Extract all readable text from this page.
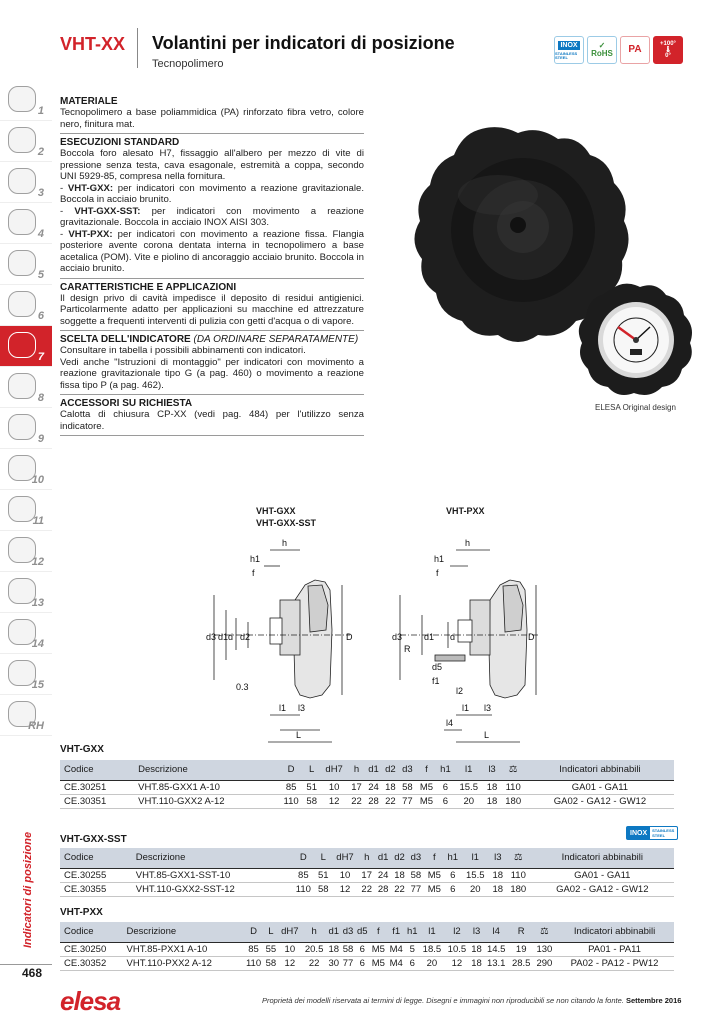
VHT-XX Volantini per indicatori di posizione
Tecnopolimero
INOX
STAINLESS STEEL
✓
RoHS	PA	+100°
🌡
0°
1
2
3
4
5
6
7
8
9
10
11
12
13
14
15
RH
Indicatori di posizione
468
MATERIALE
Tecnopolimero a base poliammidica (PA) rinforzato fibra vetro, colore nero, finitura mat.
ESECUZIONI STANDARD

Boccola foro alesato H7, fissaggio all'albero per mezzo di vite di pressione senza testa, cava esagonale, estremità a coppa, secondo UNI 5929-85, compresa nella fornitura.

- VHT-GXX: per indicatori con movimento a reazione gravitazionale. Boccola in acciaio brunito.

- VHT-GXX-SST: per indicatori con movimento a reazione gravitazionale. Boccola in acciaio INOX AISI 303.

- VHT-PXX: per indicatori con movimento a reazione fissa. Flangia posteriore avente corona dentata interna in tecnopolimero a base acetalica (POM). Vite e piolino di ancoraggio acciaio brunito. Boccola in acciaio brunito.

CARATTERISTICHE E APPLICAZIONI
Il design privo di cavità impedisce il deposito di residui antigienici. Particolarmente adatto per applicazioni su macchine ed attrezzature soggette a frequenti interventi di pulizia con getti d'acqua o di vapore.
SCELTA DELL'INDICATORE (DA ORDINARE SEPARATAMENTE)

Consultare in tabella i possibili abbinamenti con indicatori.

Vedi anche "Istruzioni di montaggio" per indicatori con movimento a reazione gravitazionale tipo G (a pag. 460) o movimento a reazione fissa tipo P (a pag. 462).

ACCESSORI SU RICHIESTA
Calotta di chiusura CP-XX (vedi pag. 484) per l'utilizzo senza indicatore.
ELESA Original design
VHT-GXX
VHT-GXX-SST
VHT-PXX
h
h1
f
0.3
l1 l3
L
D
d3 d1 d d2
h
h1
f
R
d3 d1 d
d5
f1
l2
l1 l3
l4
L
D
VHT-GXX
Codice	Descrizione	D	L	dH7	h	d1	d2	d3	f	h1	l1	l3	⚖	Indicatori abbinabili
CE.30251	VHT.85-GXX1 A-10	85	51	10	17	24	18	58	M5	6	15.5	18	110	GA01 - GA11
CE.30351	VHT.110-GXX2 A-12	110	58	12	22	28	22	77	M5	6	20	18	180	GA02 - GA12 - GW12
VHT-GXX-SST
INOX	STAINLESS STEEL
Codice	Descrizione	D	L	dH7	h	d1	d2	d3	f	h1	l1	l3	⚖	Indicatori abbinabili
CE.30255	VHT.85-GXX1-SST-10	85	51	10	17	24	18	58	M5	6	15.5	18	110	GA01 - GA11
CE.30355	VHT.110-GXX2-SST-12	110	58	12	22	28	22	77	M5	6	20	18	180	GA02 - GA12 - GW12
VHT-PXX
Codice	Descrizione	D	L	dH7	h	d1	d3	d5	f	f1	h1	l1	l2	l3	l4	R	⚖	Indicatori abbinabili
CE.30250	VHT.85-PXX1 A-10	85	55	10	20.5	18	58	6	M5	M4	5	18.5	10.5	18	14.5	19	130	PA01 - PA11
CE.30352	VHT.110-PXX2 A-12	110	58	12	22	30	77	6	M5	M4	6	20	12	18	13.1	28.5	290	PA02 - PA12 - PW12
elesa	Proprietà dei modelli riservata ai termini di legge. Disegni e immagini non riproducibili se non citando la fonte. Settembre 2016
